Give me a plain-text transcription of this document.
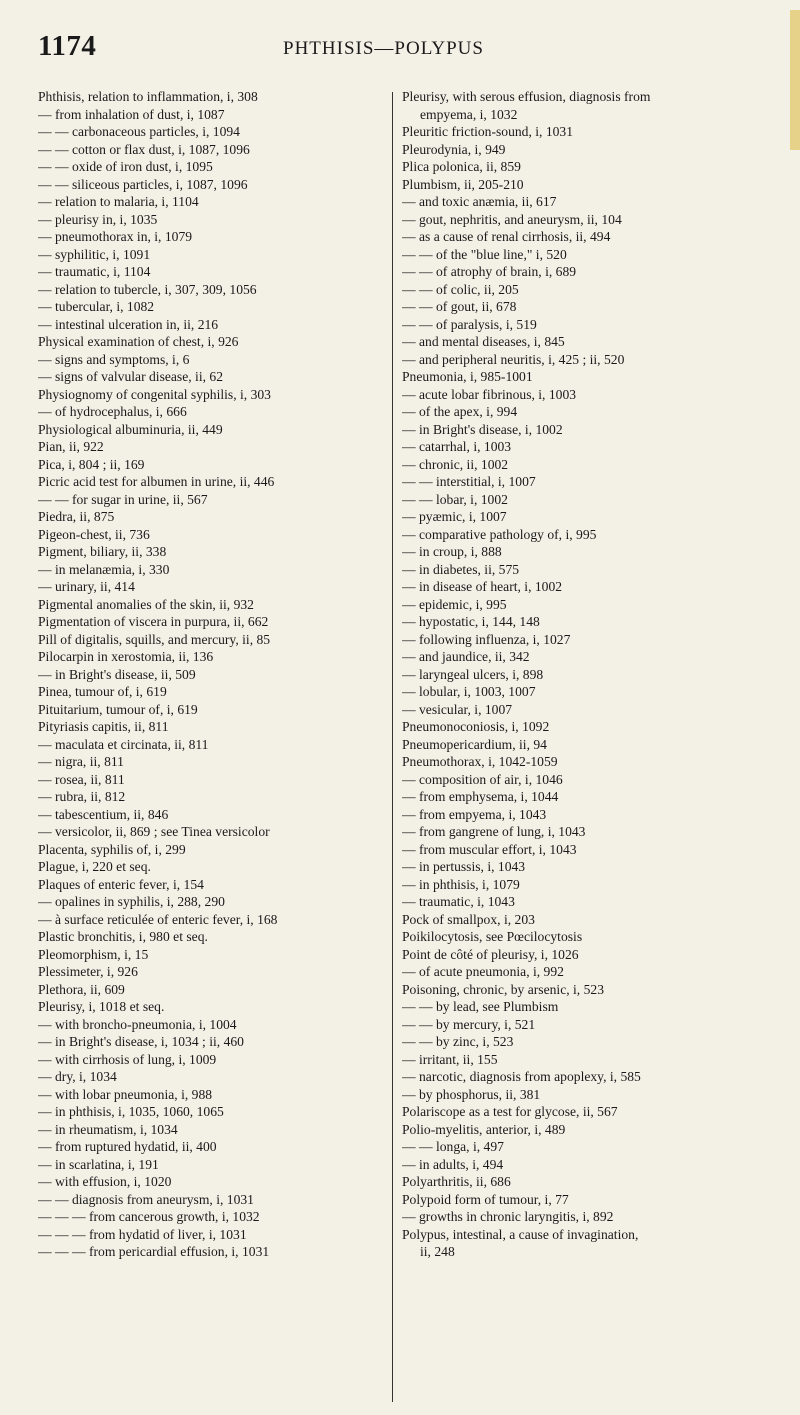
1174	PHTHISIS—POLYPUS
Phthisis, relation to inflammation, i, 308
— from inhalation of dust, i, 1087
— — carbonaceous particles, i, 1094
— — cotton or flax dust, i, 1087, 1096
— — oxide of iron dust, i, 1095
— — siliceous particles, i, 1087, 1096
— relation to malaria, i, 1104
— pleurisy in, i, 1035
— pneumothorax in, i, 1079
— syphilitic, i, 1091
— traumatic, i, 1104
— relation to tubercle, i, 307, 309, 1056
— tubercular, i, 1082
— intestinal ulceration in, ii, 216
Physical examination of chest, i, 926
— signs and symptoms, i, 6
— signs of valvular disease, ii, 62
Physiognomy of congenital syphilis, i, 303
— of hydrocephalus, i, 666
Physiological albuminuria, ii, 449
Pian, ii, 922
Pica, i, 804 ; ii, 169
Picric acid test for albumen in urine, ii, 446
— — for sugar in urine, ii, 567
Piedra, ii, 875
Pigeon-chest, ii, 736
Pigment, biliary, ii, 338
— in melanæmia, i, 330
— urinary, ii, 414
Pigmental anomalies of the skin, ii, 932
Pigmentation of viscera in purpura, ii, 662
Pill of digitalis, squills, and mercury, ii, 85
Pilocarpin in xerostomia, ii, 136
— in Bright's disease, ii, 509
Pinea, tumour of, i, 619
Pituitarium, tumour of, i, 619
Pityriasis capitis, ii, 811
— maculata et circinata, ii, 811
— nigra, ii, 811
— rosea, ii, 811
— rubra, ii, 812
— tabescentium, ii, 846
— versicolor, ii, 869 ; see Tinea versicolor
Placenta, syphilis of, i, 299
Plague, i, 220 et seq.
Plaques of enteric fever, i, 154
— opalines in syphilis, i, 288, 290
— à surface reticulée of enteric fever, i, 168
Plastic bronchitis, i, 980 et seq.
Pleomorphism, i, 15
Plessimeter, i, 926
Plethora, ii, 609
Pleurisy, i, 1018 et seq.
— with broncho-pneumonia, i, 1004
— in Bright's disease, i, 1034 ; ii, 460
— with cirrhosis of lung, i, 1009
— dry, i, 1034
— with lobar pneumonia, i, 988
— in phthisis, i, 1035, 1060, 1065
— in rheumatism, i, 1034
— from ruptured hydatid, ii, 400
— in scarlatina, i, 191
— with effusion, i, 1020
— — diagnosis from aneurysm, i, 1031
— — — from cancerous growth, i, 1032
— — — from hydatid of liver, i, 1031
— — — from pericardial effusion, i, 1031
Pleurisy, with serous effusion, diagnosis from
empyema, i, 1032
Pleuritic friction-sound, i, 1031
Pleurodynia, i, 949
Plica polonica, ii, 859
Plumbism, ii, 205-210
— and toxic anæmia, ii, 617
— gout, nephritis, and aneurysm, ii, 104
— as a cause of renal cirrhosis, ii, 494
— — of the "blue line," i, 520
— — of atrophy of brain, i, 689
— — of colic, ii, 205
— — of gout, ii, 678
— — of paralysis, i, 519
— and mental diseases, i, 845
— and peripheral neuritis, i, 425 ; ii, 520
Pneumonia, i, 985-1001
— acute lobar fibrinous, i, 1003
— of the apex, i, 994
— in Bright's disease, i, 1002
— catarrhal, i, 1003
— chronic, ii, 1002
— — interstitial, i, 1007
— — lobar, i, 1002
— pyæmic, i, 1007
— comparative pathology of, i, 995
— in croup, i, 888
— in diabetes, ii, 575
— in disease of heart, i, 1002
— epidemic, i, 995
— hypostatic, i, 144, 148
— following influenza, i, 1027
— and jaundice, ii, 342
— laryngeal ulcers, i, 898
— lobular, i, 1003, 1007
— vesicular, i, 1007
Pneumonoconiosis, i, 1092
Pneumopericardium, ii, 94
Pneumothorax, i, 1042-1059
— composition of air, i, 1046
— from emphysema, i, 1044
— from empyema, i, 1043
— from gangrene of lung, i, 1043
— from muscular effort, i, 1043
— in pertussis, i, 1043
— in phthisis, i, 1079
— traumatic, i, 1043
Pock of smallpox, i, 203
Poikilocytosis, see Pœcilocytosis
Point de côté of pleurisy, i, 1026
— of acute pneumonia, i, 992
Poisoning, chronic, by arsenic, i, 523
— — by lead, see Plumbism
— — by mercury, i, 521
— — by zinc, i, 523
— irritant, ii, 155
— narcotic, diagnosis from apoplexy, i, 585
— by phosphorus, ii, 381
Polariscope as a test for glycose, ii, 567
Polio-myelitis, anterior, i, 489
— — longa, i, 497
— in adults, i, 494
Polyarthritis, ii, 686
Polypoid form of tumour, i, 77
— growths in chronic laryngitis, i, 892
Polypus, intestinal, a cause of invagination,
ii, 248
